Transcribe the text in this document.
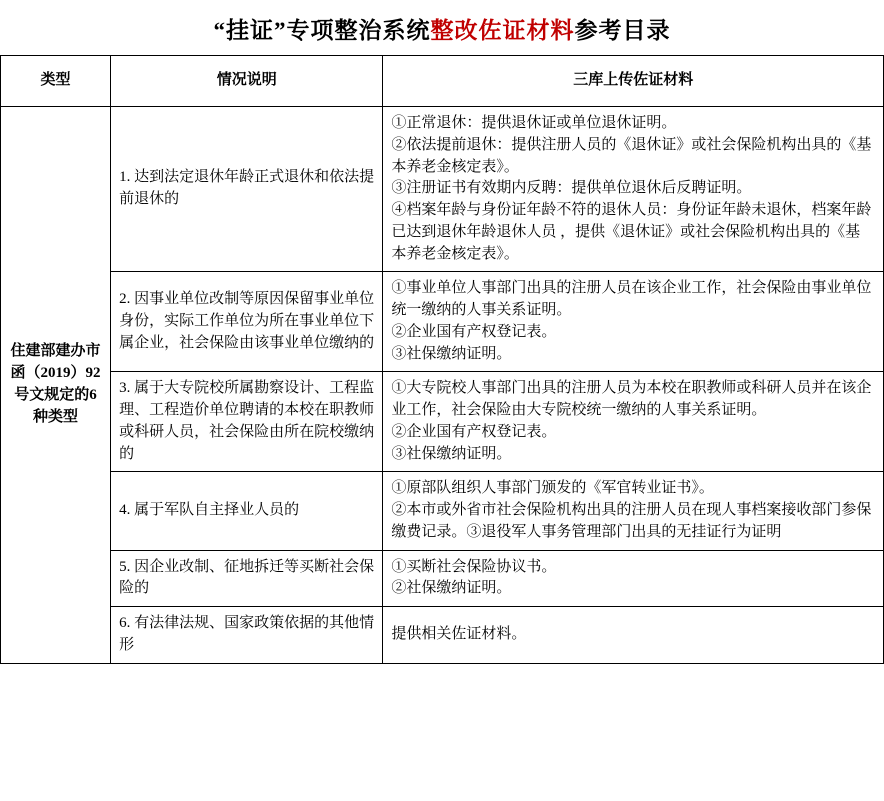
“挂证”专项整治系统整改佐证材料参考目录
类型	情况说明	三库上传佐证材料
住建部建办市函（2019）92号文规定的6种类型	1. 达到法定退休年龄正式退休和依法提前退休的	①正常退休：提供退休证或单位退休证明。
②依法提前退休：提供注册人员的《退休证》或社会保险机构出具的《基本养老金核定表》。
③注册证书有效期内反聘：提供单位退休后反聘证明。
④档案年龄与身份证年龄不符的退休人员：身份证年龄未退休，档案年龄已达到退休年龄退休人员 ，提供《退休证》或社会保险机构出具的《基本养老金核定表》。

	2. 因事业单位改制等原因保留事业单位身份，实际工作单位为所在事业单位下属企业，社会保险由该事业单位缴纳的	①事业单位人事部门出具的注册人员在该企业工作，社会保险由事业单位统一缴纳的人事关系证明。
②企业国有产权登记表。
③社保缴纳证明。

	3. 属于大专院校所属勘察设计、工程监理、工程造价单位聘请的本校在职教师或科研人员，社会保险由所在院校缴纳的	①大专院校人事部门出具的注册人员为本校在职教师或科研人员并在该企业工作，社会保险由大专院校统一缴纳的人事关系证明。
②企业国有产权登记表。
③社保缴纳证明。

	4. 属于军队自主择业人员的	①原部队组织人事部门颁发的《军官转业证书》。
②本市或外省市社会保险机构出具的注册人员在现人事档案接收部门参保缴费记录。③退役军人事务管理部门出具的无挂证行为证明

	5. 因企业改制、征地拆迁等买断社会保险的	①买断社会保险协议书。
②社保缴纳证明。

	6. 有法律法规、国家政策依据的其他情形	提供相关佐证材料。
